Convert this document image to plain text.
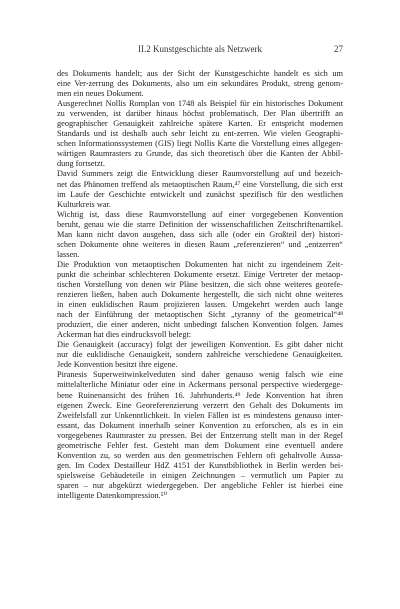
II.2 Kunstgeschichte als Netzwerk	27
des Dokuments handelt; aus der Sicht der Kunstgeschichte handelt es sich um
eine Ver-zerrung des Dokuments, also um ein sekundäres Produkt, streng genom-
men ein neues Dokument.
Ausgerechnet Nollis Romplan von 1748 als Beispiel für ein historisches Dokument
zu verwenden, ist darüber hinaus höchst problematisch. Der Plan übertrifft an
geographischer Genauigkeit zahlreiche spätere Karten. Er entspricht modernen
Standards und ist deshalb auch sehr leicht zu ent-zerren. Wie vielen Geographi-
schen Informationssystemen (GIS) liegt Nollis Karte die Vorstellung eines allgegen-
wärtigen Raumrasters zu Grunde, das sich theoretisch über die Kanten der Abbil-
dung fortsetzt.
David Summers zeigt die Entwicklung dieser Raumvorstellung auf und bezeich-
net das Phänomen treffend als metaoptischen Raum,⁴⁷ eine Vorstellung, die sich erst
im Laufe der Geschichte entwickelt und zunächst spezifisch für den westlichen
Kulturkreis war.
Wichtig ist, dass diese Raumvorstellung auf einer vorgegebenen Konvention
beruht, genau wie die starre Definition der wissenschaftlichen Zeitschriftenartikel.
Man kann nicht davon ausgehen, dass sich alle (oder ein Großteil der) histori-
schen Dokumente ohne weiteres in diesen Raum „referenzieren“ und „entzerren“
lassen.
Die Produktion von metaoptischen Dokumenten hat nicht zu irgendeinem Zeit-
punkt die scheinbar schlechteren Dokumente ersetzt. Einige Vertreter der metaop-
tischen Vorstellung von denen wir Pläne besitzen, die sich ohne weiteres georefe-
renzieren ließen, haben auch Dokumente hergestellt, die sich nicht ohne weiteres
in einen euklidischen Raum projizieren lassen. Umgekehrt werden auch lange
nach der Einführung der metaoptischen Sicht „tyranny of the geometrical“⁴⁸
produziert, die einer anderen, nicht unbedingt falschen Konvention folgen. James
Ackerman hat dies eindrucksvoll belegt:
Die Genauigkeit (accuracy) folgt der jeweiligen Konvention. Es gibt daher nicht
nur die euklidische Genauigkeit, sondern zahlreiche verschiedene Genauigkeiten.
Jede Konvention besitzt ihre eigene.
Piranesis Superweitwinkelveduten sind daher genauso wenig falsch wie eine
mittelalterliche Miniatur oder eine in Ackermans personal perspective wiedergege-
bene Ruinenansicht des frühen 16. Jahrhunderts.⁴⁹ Jede Konvention hat ihren
eigenen Zweck. Eine Georeferenzierung verzerrt den Gehalt des Dokuments im
Zweifelsfall zur Unkenntlichkeit. In vielen Fällen ist es mindestens genauso inter-
essant, das Dokument innerhalb seiner Konvention zu erforschen, als es in ein
vorgegebenes Raumraster zu pressen. Bei der Entzerrung stellt man in der Regel
geometrische Fehler fest. Gesteht man dem Dokument eine eventuell andere
Konvention zu, so werden aus den geometrischen Fehlern oft gehaltvolle Aussa-
gen. Im Codex Destailleur HdZ 4151 der Kunstbibliothek in Berlin werden bei-
spielsweise Gebäudeteile in einigen Zeichnungen – vermutlich um Papier zu
sparen – nur abgekürzt wiedergegeben. Der angebliche Fehler ist hierbei eine
intelligente Datenkompression.⁵⁰
